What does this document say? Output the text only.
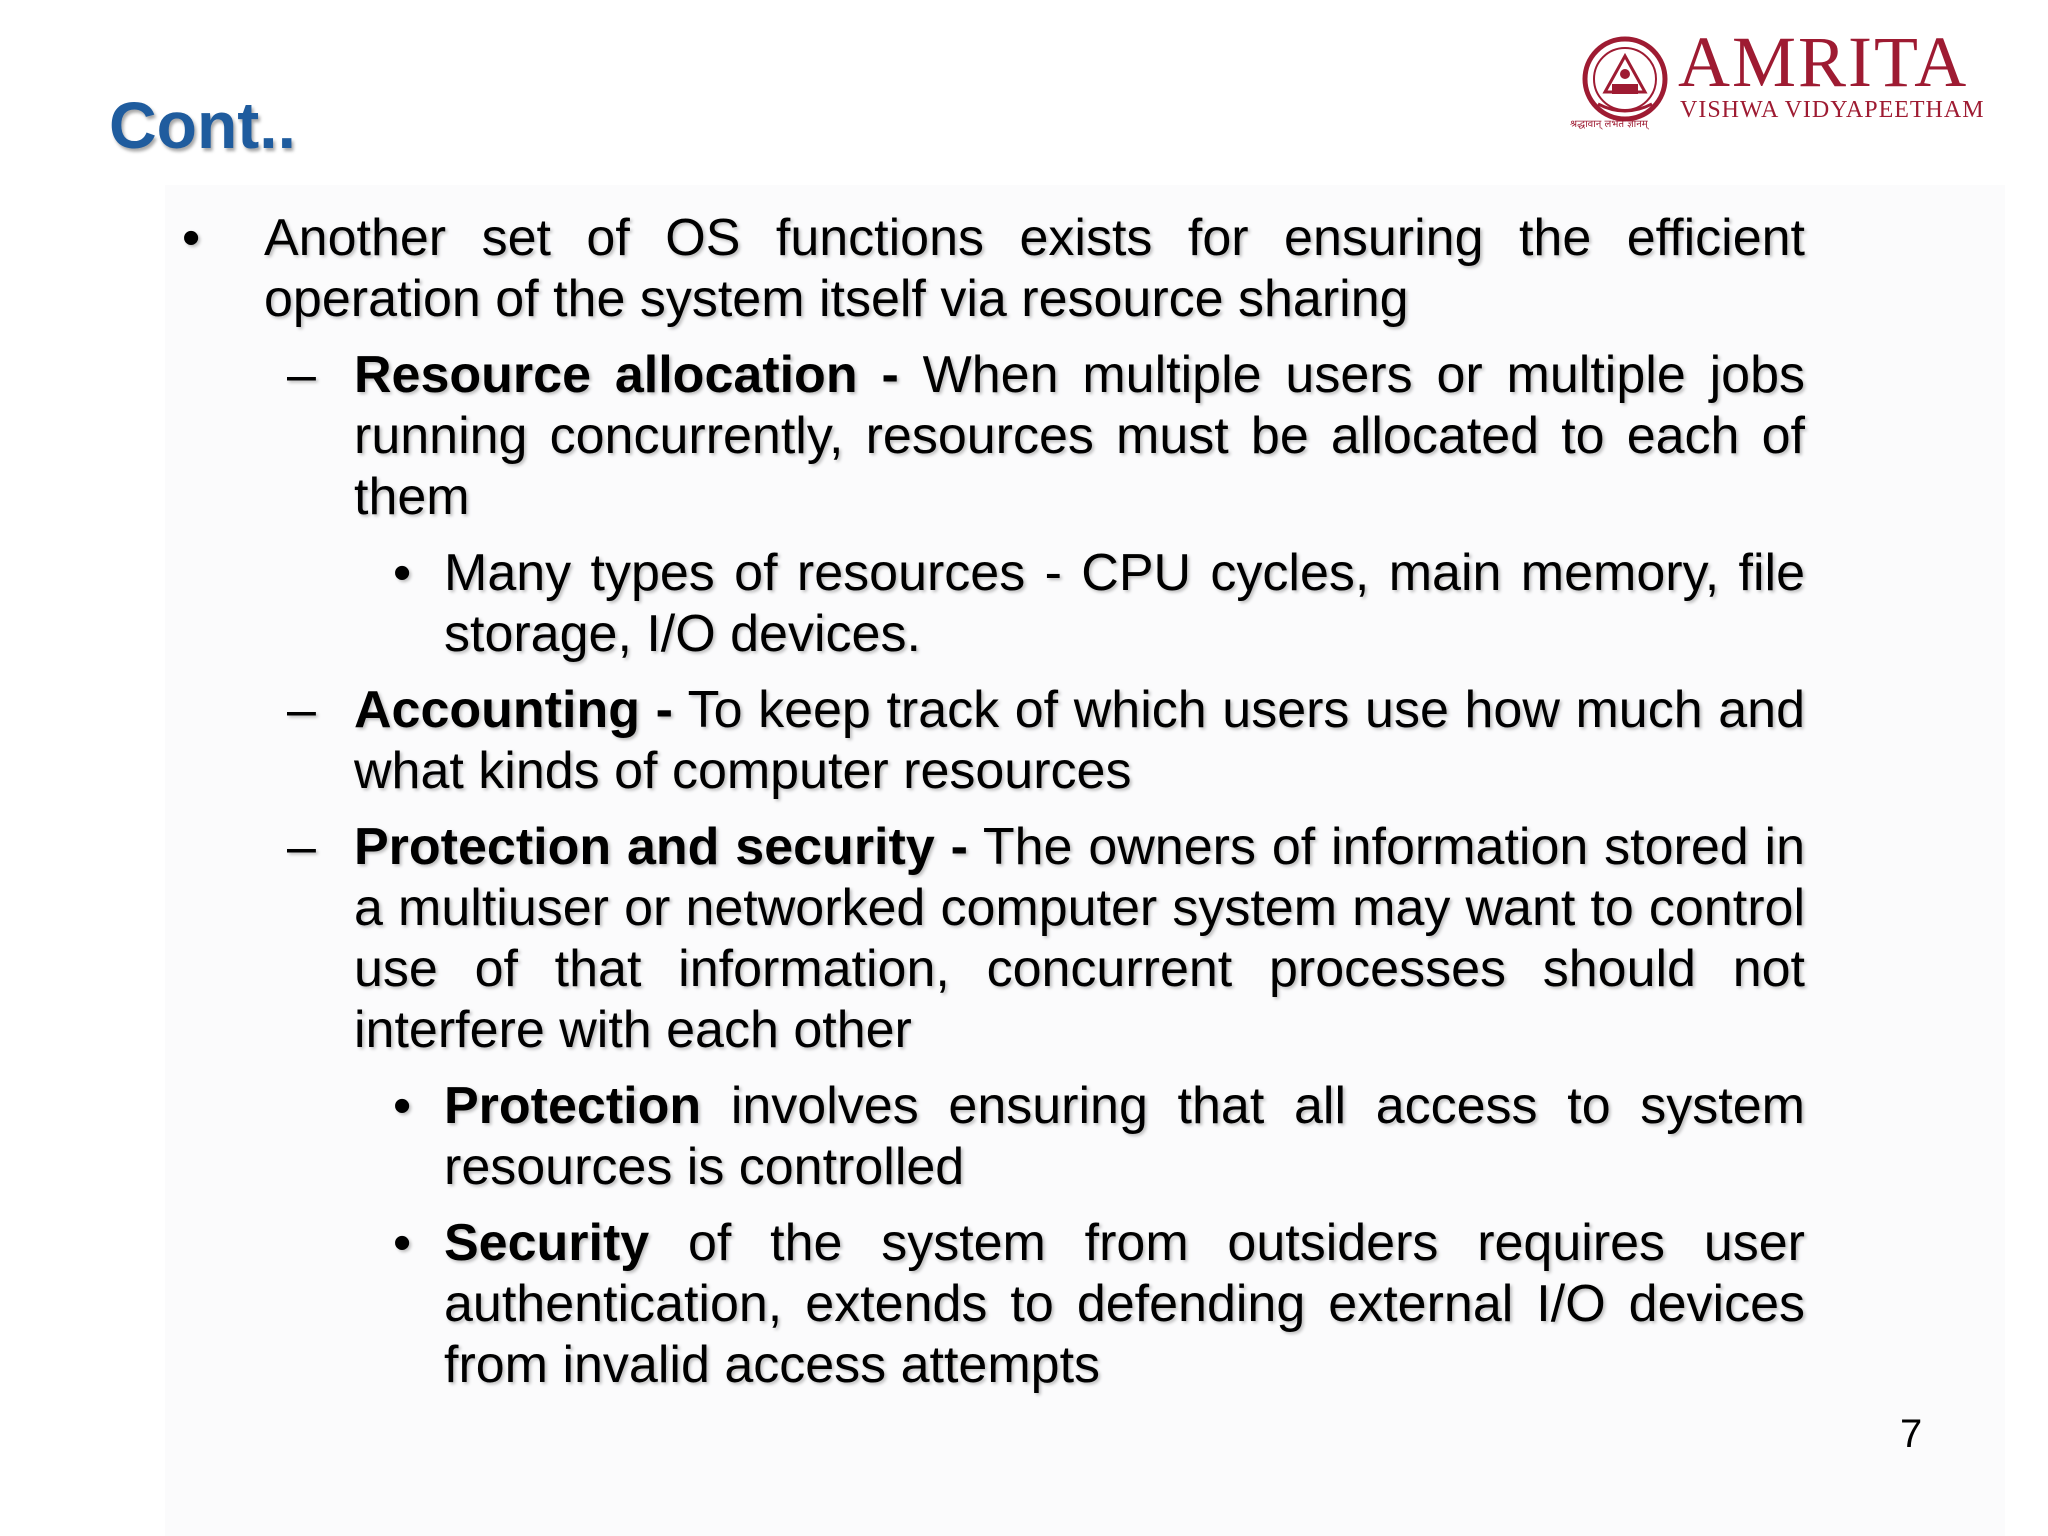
Cont..
AMRITA
VISHWA VIDYAPEETHAM
श्रद्धावान् लभते ज्ञानम्
• Another set of OS functions exists for ensuring the efficient operation of the system itself via resource sharing
– Resource allocation - When multiple users or multiple jobs running concurrently, resources must be allocated to each of them
• Many types of resources - CPU cycles, main memory, file storage, I/O devices.
– Accounting - To keep track of which users use how much and what kinds of computer resources
– Protection and security - The owners of information stored in a multiuser or networked computer system may want to control use of that information, concurrent processes should not interfere with each other
• Protection involves ensuring that all access to system resources is controlled
• Security of the system from outsiders requires user authentication, extends to defending external I/O devices from invalid access attempts
7
